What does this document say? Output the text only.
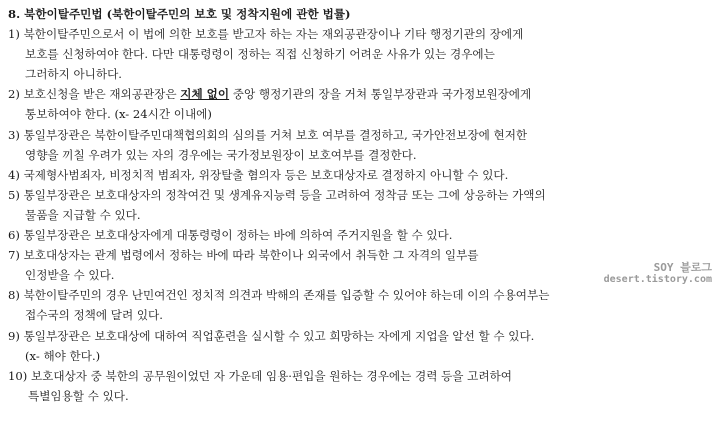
8. 북한이탈주민법 (북한이탈주민의 보호 및 정착지원에 관한 법률)
1) 북한이탈주민으로서 이 법에 의한 보호를 받고자 하는 자는 재외공관장이나 기타 행정기관의 장에게
보호를 신청하여야 한다. 다만 대통령령이 정하는 직접 신청하기 어려운 사유가 있는 경우에는
그러하지 아니하다.
2) 보호신청을 받은 재외공관장은 지체 없이 중앙 행정기관의 장을 거쳐 통일부장관과 국가정보원장에게
통보하여야 한다. (x- 24시간 이내에)
3) 통일부장관은 북한이탈주민대책협의회의 심의를 거쳐 보호 여부를 결정하고, 국가안전보장에 현저한
영향을 끼칠 우려가 있는 자의 경우에는 국가정보원장이 보호여부를 결정한다.
4) 국제형사범죄자, 비정치적 범죄자, 위장탈출 혐의자 등은 보호대상자로 결정하지 아니할 수 있다.
5) 통일부장관은 보호대상자의 정착여건 및 생계유지능력 등을 고려하여 정착금 또는 그에 상응하는 가액의
물품을 지급할 수 있다.
6) 통일부장관은 보호대상자에게 대통령령이 정하는 바에 의하여 주거지원을 할 수 있다.
7) 보호대상자는 관계 법령에서 정하는 바에 따라 북한이나 외국에서 취득한 그 자격의 일부를
인정받을 수 있다.
8) 북한이탈주민의 경우 난민여건인 정치적 의견과 박해의 존재를 입증할 수 있어야 하는데 이의 수용여부는
접수국의 정책에 달려 있다.
9) 통일부장관은 보호대상에 대하여 직업훈련을 실시할 수 있고 희망하는 자에게 지업을 알선 할 수 있다.
(x- 해야 한다.)
10) 보호대상자 중 북한의 공무원이었던 자 가운데 임용·편입을 원하는 경우에는 경력 등을 고려하여
특별임용할 수 있다.
SOY 블로그
desert.tistory.com
